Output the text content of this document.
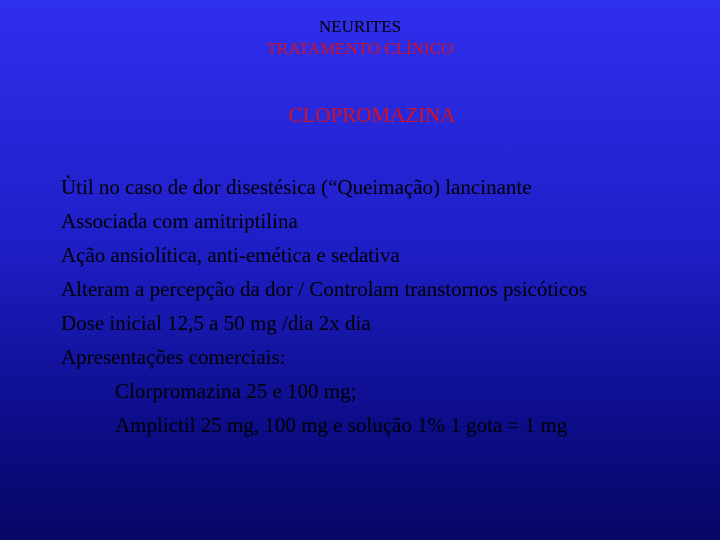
NEURITES
TRATAMENTO CLÍNICO
CLOPROMAZINA
Ùtil no caso de dor disestésica (“Queimação) lancinante
Associada com amitriptilina
Ação ansiolítica, anti-emética e sedativa
Alteram a percepção da dor / Controlam transtornos psicóticos
Dose inicial 12,5 a 50 mg /dia 2x dia
Apresentações comerciais:
Clorpromazina 25 e 100 mg;
Amplictil 25 mg, 100 mg e solução 1% 1 gota = 1 mg
